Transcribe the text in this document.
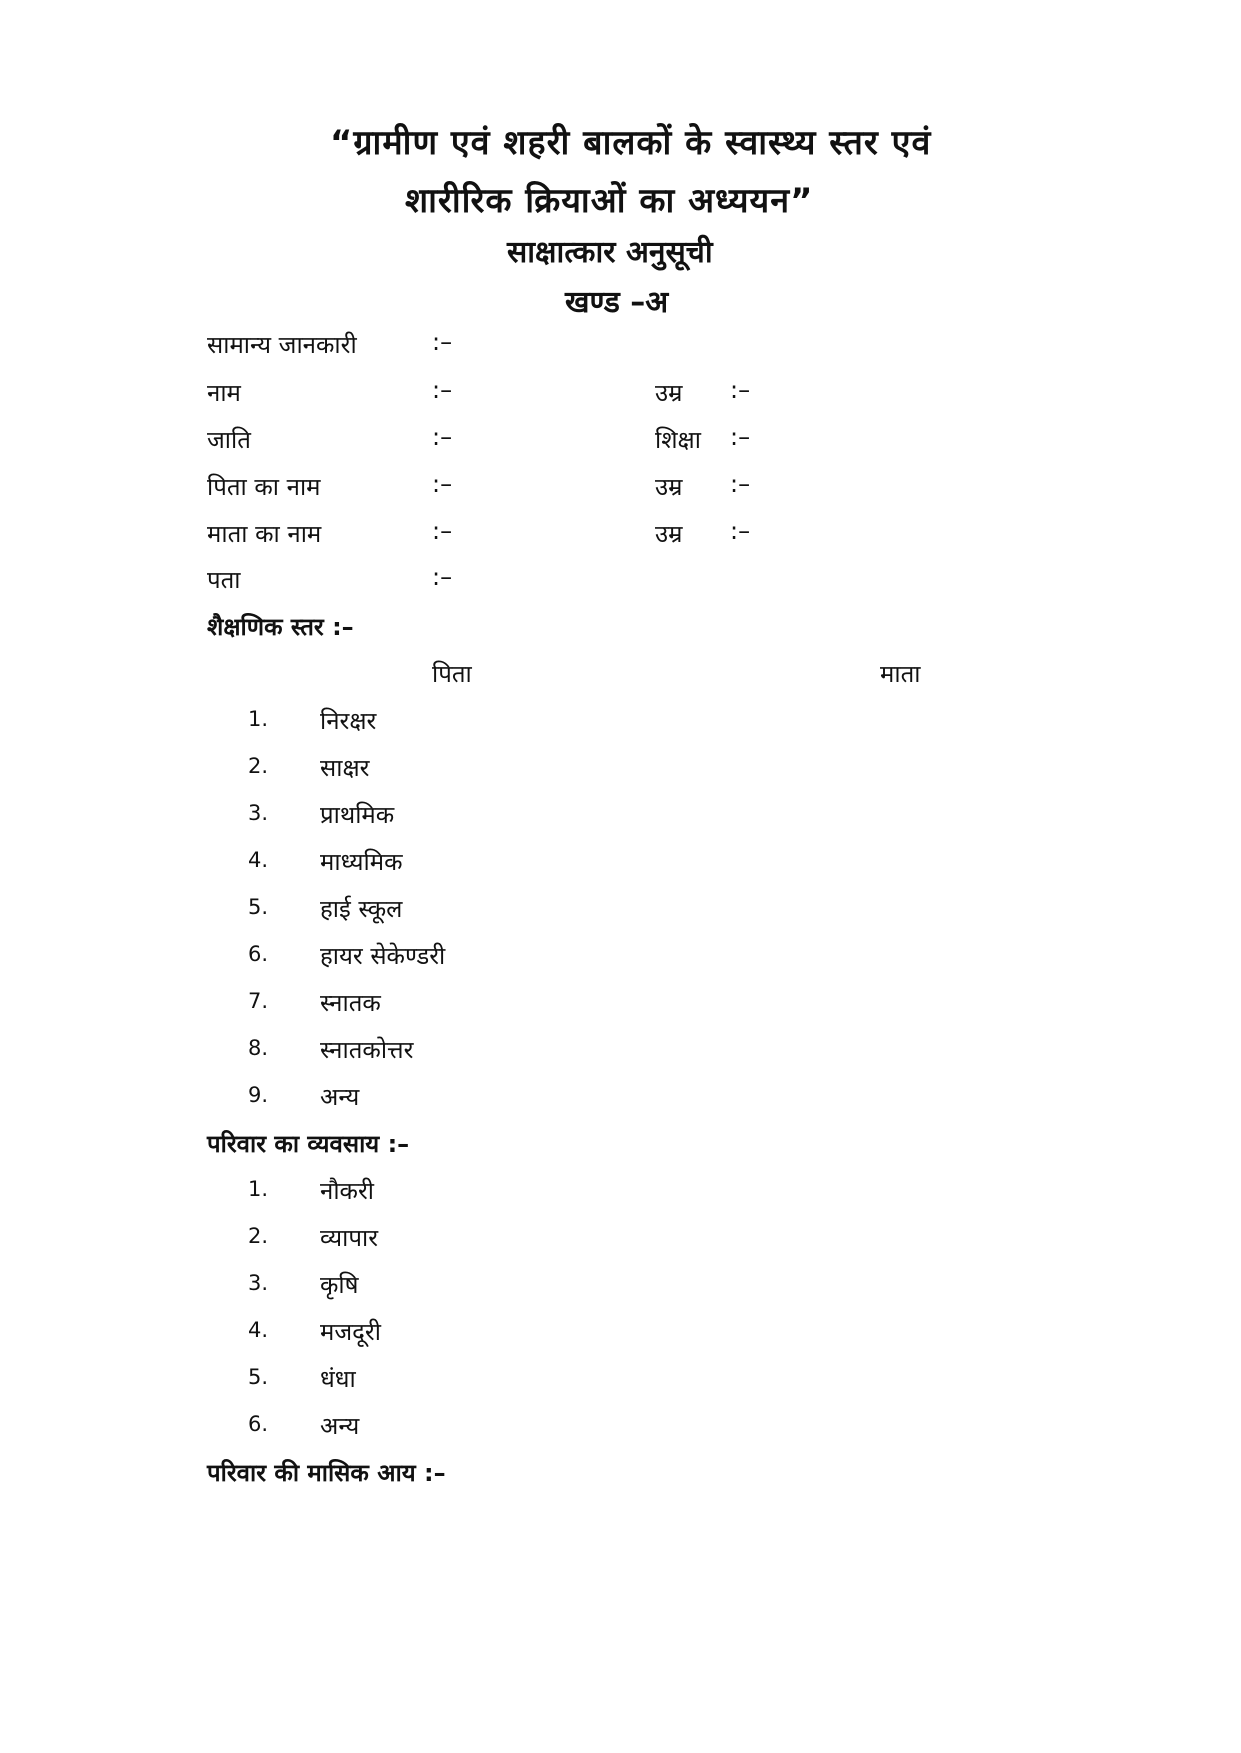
“ग्रामीण एवं शहरी बालकों के स्वास्थ्य स्तर एवं
शारीरिक क्रियाओं का अध्ययन”
साक्षात्कार अनुसूची
खण्ड –अ
सामान्य जानकारी	:–
नाम	:–	उम्र :–
जाति	:–	शिक्षा :–
पिता का नाम	:–	उम्र :–
माता का नाम	:–	उम्र :–
पता	:–
शैक्षणिक स्तर :–
पिता	माता
1. निरक्षर
2. साक्षर
3. प्राथमिक
4. माध्यमिक
5. हाई स्कूल
6. हायर सेकेण्डरी
7. स्नातक
8. स्नातकोत्तर
9. अन्य
परिवार का व्यवसाय :–
1. नौकरी
2. व्यापार
3. कृषि
4. मजदूरी
5. धंधा
6. अन्य
परिवार की मासिक आय :–
